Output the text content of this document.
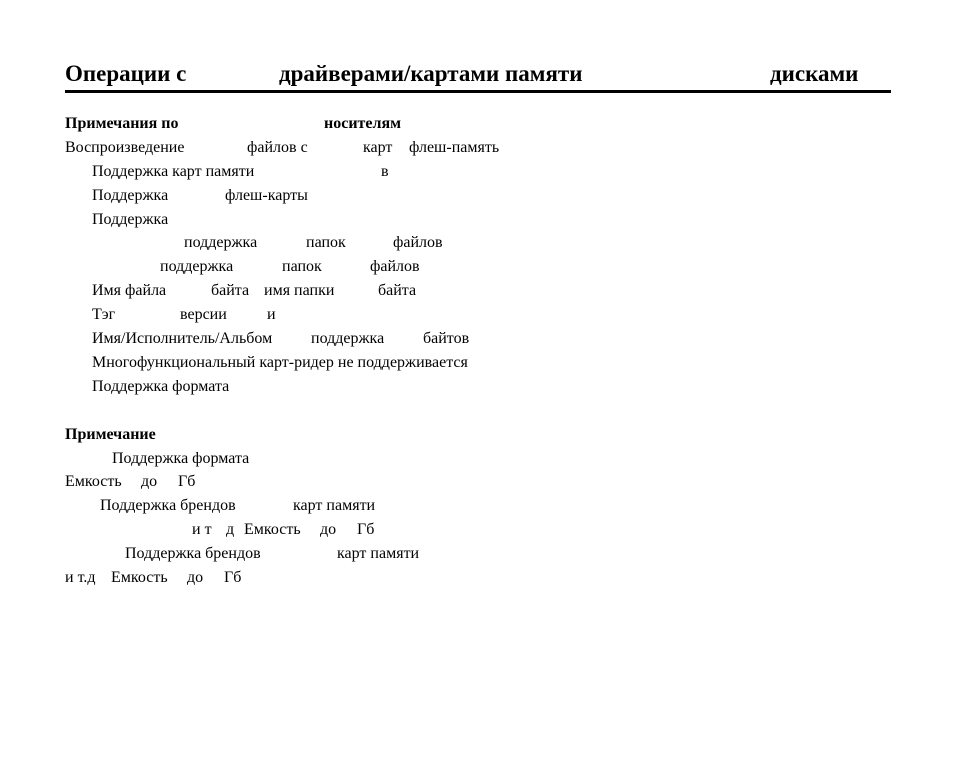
Операции с	драйверами/картами памяти	дисками
Примечания по	носителям
Воспроизведение	файлов с	карт флеш-память
Поддержка карт памяти	в
Поддержка	флеш-карты
Поддержка
поддержка	папок	файлов
поддержка	папок	файлов
Имя файла	байта имя папки	байта
Тэг	версии	и
Имя/Исполнитель/Альбом поддержка байтов
Многофункциональный карт-ридер не поддерживается
Поддержка формата
Примечание
Поддержка формата
Емкость до Гб
Поддержка брендов	карт памяти
и т д Емкость до Гб
Поддержка брендов	карт памяти
и т.д Емкость до Гб
